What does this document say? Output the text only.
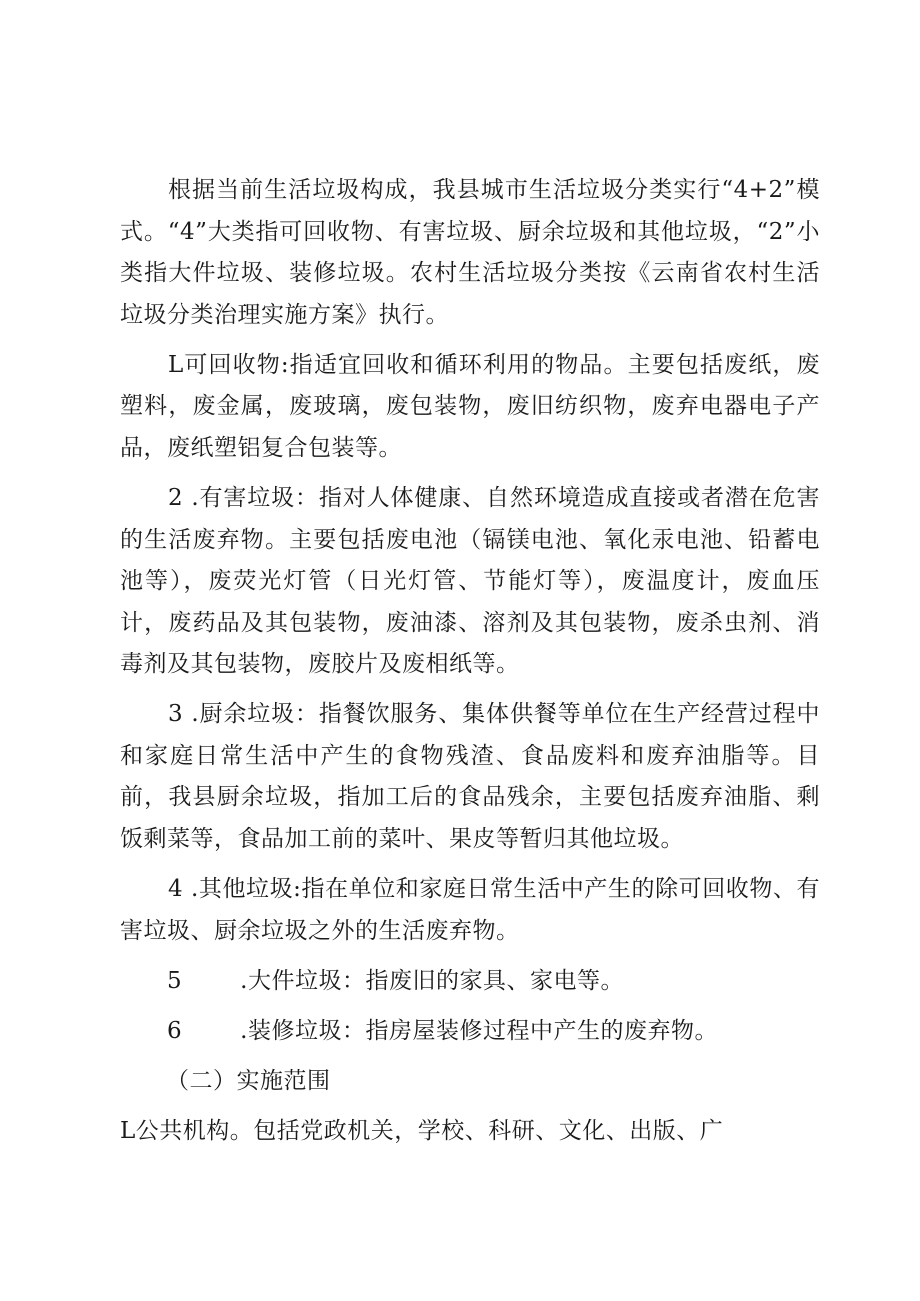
根据当前生活垃圾构成，我县城市生活垃圾分类实行“4+2”模式。“4”大类指可回收物、有害垃圾、厨余垃圾和其他垃圾，“2”小类指大件垃圾、装修垃圾。农村生活垃圾分类按《云南省农村生活垃圾分类治理实施方案》执行。

L可回收物:指适宜回收和循环利用的物品。主要包括废纸，废塑料，废金属，废玻璃，废包装物，废旧纺织物，废弃电器电子产品，废纸塑铝复合包装等。

2 .有害垃圾：指对人体健康、自然环境造成直接或者潜在危害的生活废弃物。主要包括废电池（镉镁电池、氧化汞电池、铅蓄电池等），废荧光灯管（日光灯管、节能灯等），废温度计，废血压计，废药品及其包装物，废油漆、溶剂及其包装物，废杀虫剂、消毒剂及其包装物，废胶片及废相纸等。

3 .厨余垃圾：指餐饮服务、集体供餐等单位在生产经营过程中和家庭日常生活中产生的食物残渣、食品废料和废弃油脂等。目前，我县厨余垃圾，指加工后的食品残余，主要包括废弃油脂、剩饭剩菜等，食品加工前的菜叶、果皮等暂归其他垃圾。

4 .其他垃圾:指在单位和家庭日常生活中产生的除可回收物、有害垃圾、厨余垃圾之外的生活废弃物。

5	.大件垃圾：指废旧的家具、家电等。

6	.装修垃圾：指房屋装修过程中产生的废弃物。

（二）实施范围

L公共机构。包括党政机关，学校、科研、文化、出版、广
